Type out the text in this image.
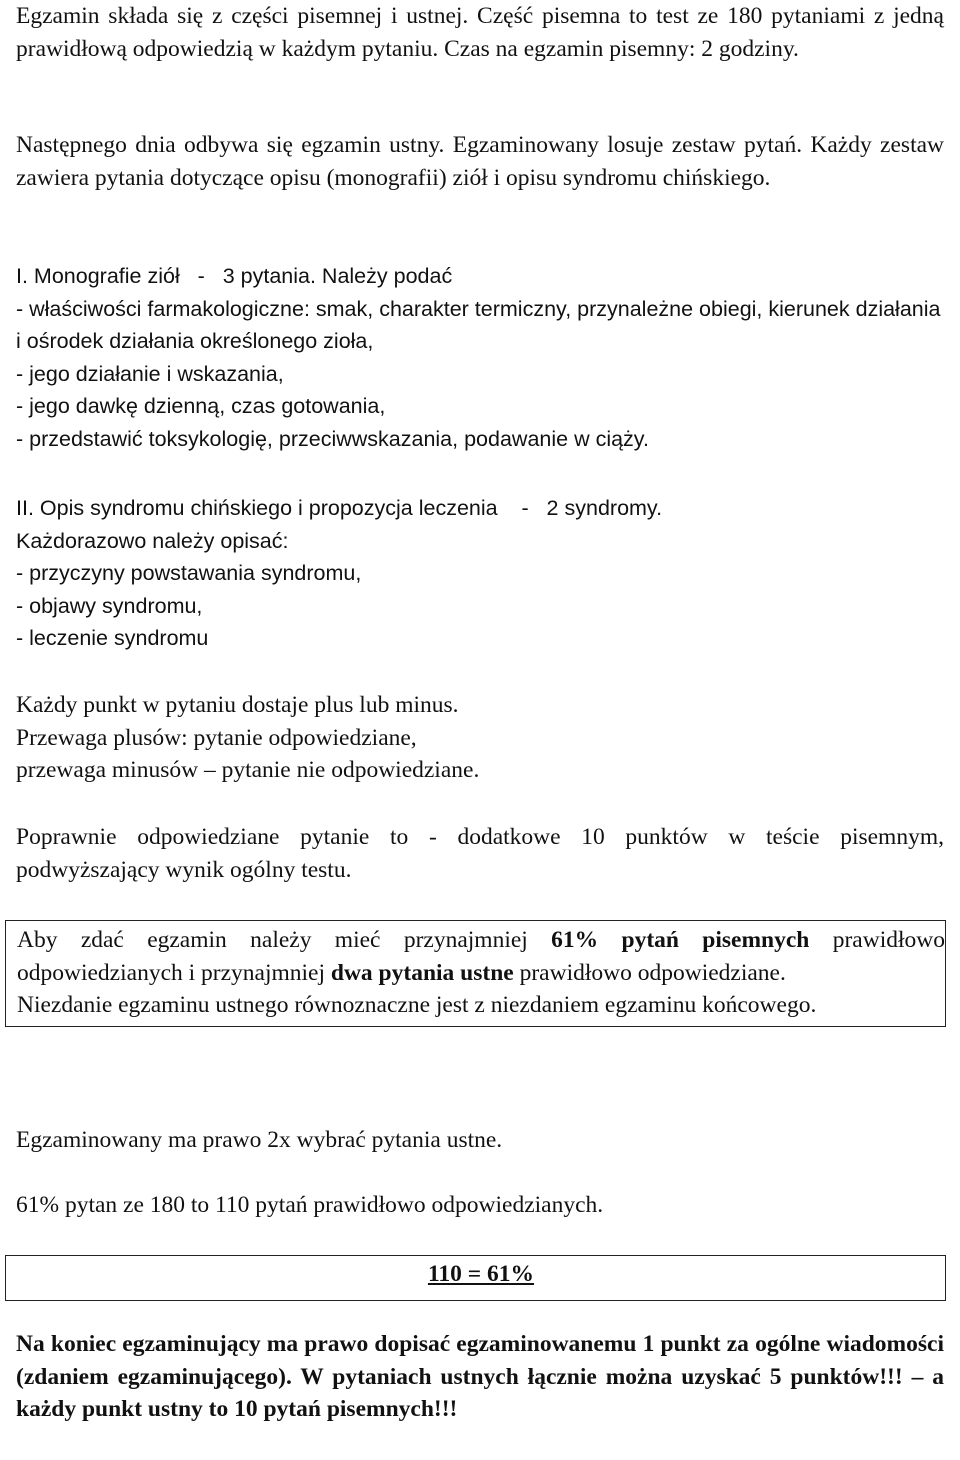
Egzamin składa się z części pisemnej i ustnej. Część pisemna to test ze 180 pytaniami z jedną prawidłową odpowiedzią w każdym pytaniu. Czas na egzamin pisemny: 2 godziny.

Następnego dnia odbywa się egzamin ustny. Egzaminowany losuje zestaw pytań. Każdy zestaw zawiera pytania dotyczące opisu (monografii) ziół i opisu syndromu chińskiego.

I. Monografie ziół   -   3 pytania. Należy podać

- właściwości farmakologiczne: smak, charakter termiczny, przynależne obiegi, kierunek działania i ośrodek działania określonego zioła,

- jego działanie i wskazania,

- jego dawkę dzienną, czas gotowania,

- przedstawić toksykologię, przeciwwskazania, podawanie w ciąży.

II. Opis syndromu chińskiego i propozycja leczenia    -   2 syndromy.

Każdorazowo należy opisać:

- przyczyny powstawania syndromu,

- objawy syndromu,

- leczenie syndromu

Każdy punkt w pytaniu dostaje plus lub minus.

Przewaga plusów: pytanie odpowiedziane,

przewaga minusów – pytanie nie odpowiedziane.

Poprawnie odpowiedziane pytanie to - dodatkowe 10 punktów w teście pisemnym, podwyższający wynik ogólny testu.

Aby zdać egzamin należy mieć przynajmniej 61% pytań pisemnych prawidłowo odpowiedzianych i przynajmniej dwa pytania ustne prawidłowo odpowiedziane.

Niezdanie egzaminu ustnego równoznaczne jest z niezdaniem egzaminu końcowego.

Egzaminowany ma prawo 2x wybrać pytania ustne.

61% pytan ze 180 to 110 pytań prawidłowo odpowiedzianych.

110 = 61%

Na koniec egzaminujący ma prawo dopisać egzaminowanemu 1 punkt za ogólne wiadomości (zdaniem egzaminującego). W pytaniach ustnych łącznie można uzyskać 5 punktów!!! – a każdy punkt ustny to 10 pytań pisemnych!!!
